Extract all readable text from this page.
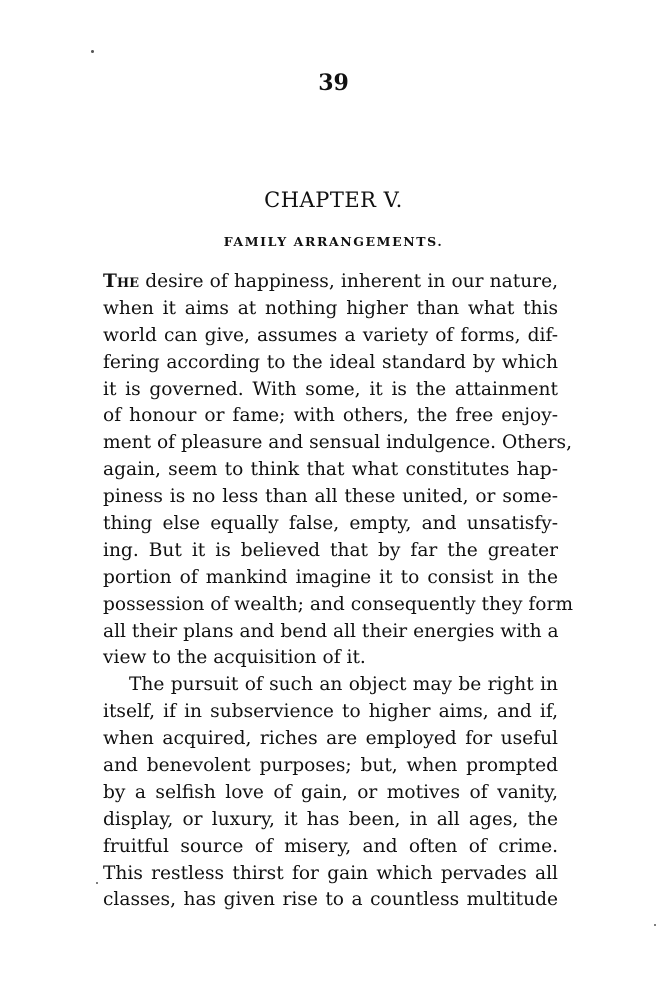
39
CHAPTER V.
FAMILY ARRANGEMENTS.
The desire of happiness, inherent in our nature,
when it aims at nothing higher than what this
world can give, assumes a variety of forms, dif-
fering according to the ideal standard by which
it is governed. With some, it is the attainment
of honour or fame; with others, the free enjoy-
ment of pleasure and sensual indulgence. Others,
again, seem to think that what constitutes hap-
piness is no less than all these united, or some-
thing else equally false, empty, and unsatisfy-
ing. But it is believed that by far the greater
portion of mankind imagine it to consist in the
possession of wealth; and consequently they form
all their plans and bend all their energies with a
view to the acquisition of it.
The pursuit of such an object may be right in
itself, if in subservience to higher aims, and if,
when acquired, riches are employed for useful
and benevolent purposes; but, when prompted
by a selfish love of gain, or motives of vanity,
display, or luxury, it has been, in all ages, the
fruitful source of misery, and often of crime.
This restless thirst for gain which pervades all
classes, has given rise to a countless multitude
